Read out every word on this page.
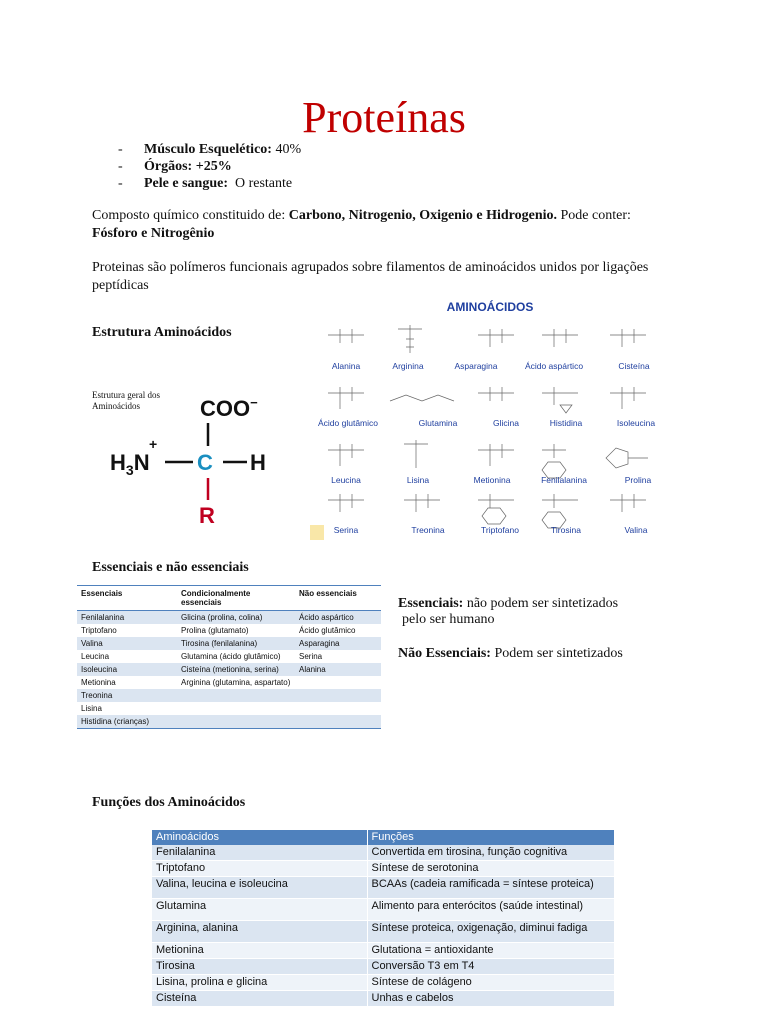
Proteínas
- Músculo Esquelético: 40%
- Órgãos: +25%
- Pele e sangue:  O restante
Composto químico constituido de: Carbono, Nitrogenio, Oxigenio e Hidrogenio. Pode conter:  Fósforo e Nitrogênio
Proteinas são polímeros funcionais agrupados sobre filamentos de aminoácidos unidos por ligações peptídicas
Estrutura Aminoácidos
Estrutura geral dos Aminoácidos	COO−
$H_3N$
+
C H
R
AMINOÁCIDOS
Alanina	Arginina	Asparagina	Ácido aspártico	Cisteína
Ácido glutâmico	Glutamina	Glicina	Histidina	Isoleucina
Leucina	Lisina	Metionina	Fenilalanina	Prolina
Serina	Treonina	Triptofano	Tirosina	Valina
Essenciais e não essenciais
Essenciais	Condicionalmente essenciais	Não essenciais
Fenilalanina	Glicina (prolina, colina)	Ácido aspártico
Triptofano	Prolina (glutamato)	Ácido glutâmico
Valina	Tirosina (fenilalanina)	Asparagina
Leucina	Glutamina (ácido glutâmico)	Serina
Isoleucina	Cisteína (metionina, serina)	Alanina
Metionina	Arginina (glutamina, aspartato)	
Treonina		
Lisina		
Histidina (crianças)		
Essenciais: não podem ser sintetizados
pelo ser humano
Não Essenciais: Podem ser sintetizados
Funções dos Aminoácidos
Aminoácidos	Funções
Fenilalanina	Convertida em tirosina, função cognitiva
Triptofano	Síntese de serotonina
Valina, leucina e isoleucina	BCAAs (cadeia ramificada = síntese proteica)
Glutamina	Alimento para enterócitos (saúde intestinal)
Arginina, alanina	Síntese proteica, oxigenação, diminui fadiga
Metionina	Glutationa = antioxidante
Tirosina	Conversão T3 em T4
Lisina, prolina e glicina	Síntese de colágeno
Cisteína	Unhas e cabelos
